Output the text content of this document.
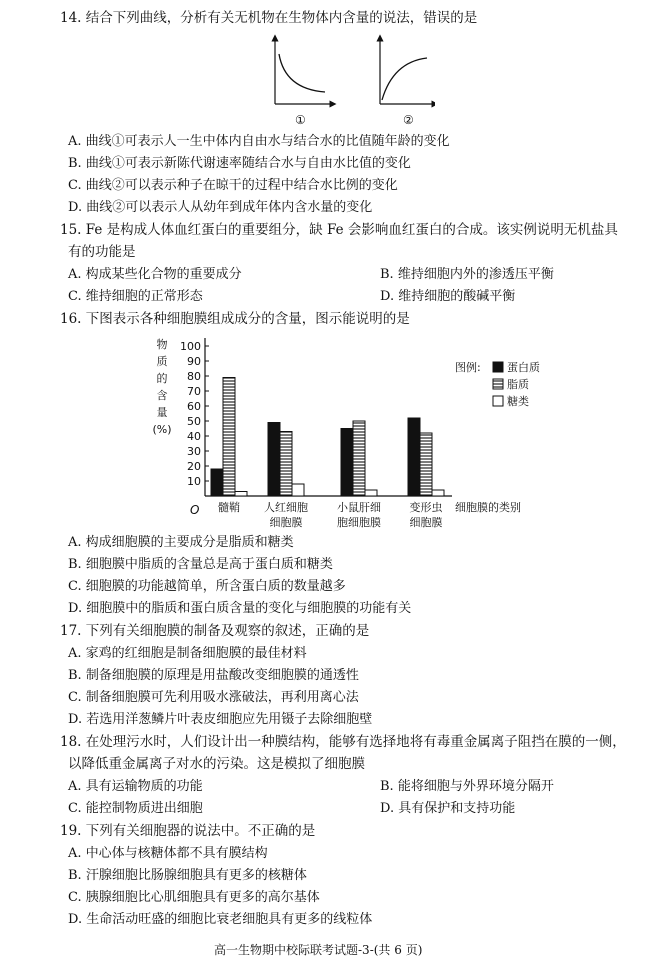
14. 结合下列曲线，分析有关无机物在生物体内含量的说法，错误的是
①	②
A. 曲线①可表示人一生中体内自由水与结合水的比值随年龄的变化
B. 曲线①可表示新陈代谢速率随结合水与自由水比值的变化
C. 曲线②可以表示种子在晾干的过程中结合水比例的变化
D. 曲线②可以表示人从幼年到成年体内含水量的变化
15. Fe 是构成人体血红蛋白的重要组分，缺 Fe 会影响血红蛋白的合成。该实例说明无机盐具
有的功能是
A. 构成某些化合物的重要成分	B. 维持细胞内外的渗透压平衡
C. 维持细胞的正常形态	D. 维持细胞的酸碱平衡
16. 下图表示各种细胞膜组成成分的含量，图示能说明的是
物
质
的
含
量
(%)
10
20
30
40
50
60
70
80
90
100
O	细胞膜的类别
髓鞘 人红细胞
细胞膜
小鼠肝细
胞细胞膜
变形虫
细胞膜
图例: 蛋白质
脂质
糖类
A. 构成细胞膜的主要成分是脂质和糖类
B. 细胞膜中脂质的含量总是高于蛋白质和糖类
C. 细胞膜的功能越简单，所含蛋白质的数量越多
D. 细胞膜中的脂质和蛋白质含量的变化与细胞膜的功能有关
17. 下列有关细胞膜的制备及观察的叙述，正确的是
A. 家鸡的红细胞是制备细胞膜的最佳材料
B. 制备细胞膜的原理是用盐酸改变细胞膜的通透性
C. 制备细胞膜可先利用吸水涨破法，再利用离心法
D. 若选用洋葱鳞片叶表皮细胞应先用镊子去除细胞壁
18. 在处理污水时，人们设计出一种膜结构，能够有选择地将有毒重金属离子阻挡在膜的一侧，
以降低重金属离子对水的污染。这是模拟了细胞膜
A. 具有运输物质的功能	B. 能将细胞与外界环境分隔开
C. 能控制物质进出细胞	D. 具有保护和支持功能
19. 下列有关细胞器的说法中。不正确的是
A. 中心体与核糖体都不具有膜结构
B. 汗腺细胞比肠腺细胞具有更多的核糖体
C. 胰腺细胞比心肌细胞具有更多的高尔基体
D. 生命活动旺盛的细胞比衰老细胞具有更多的线粒体
高一生物期中校际联考试题-3-(共 6 页)
